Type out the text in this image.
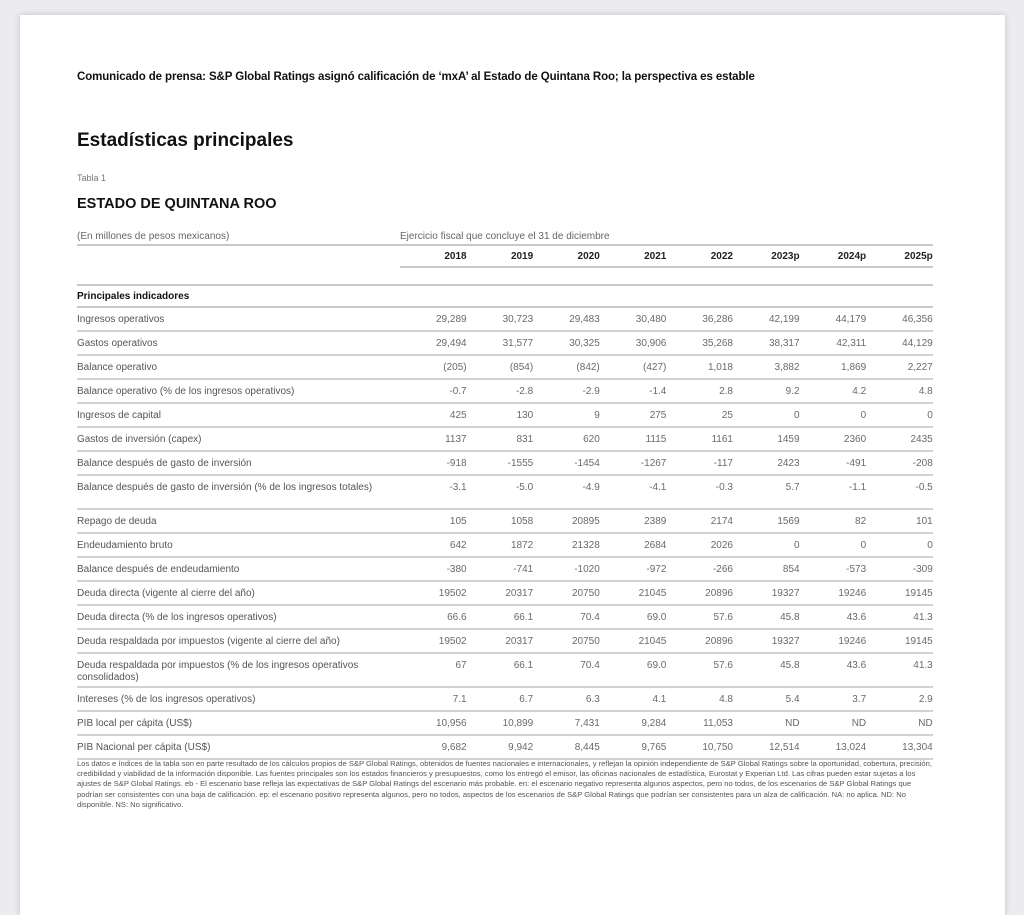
Comunicado de prensa: S&P Global Ratings asignó calificación de ‘mxA’ al Estado de Quintana Roo; la perspectiva es estable
Estadísticas principales
Tabla 1
ESTADO DE QUINTANA ROO
(En millones de pesos mexicanos)	Ejercicio fiscal que concluye el 31 de diciembre
2018	2019	2020	2021	2022	2023p	2024p	2025p
Principales indicadores
Ingresos operativos	29,289	30,723	29,483	30,480	36,286	42,199	44,179	46,356
Gastos operativos	29,494	31,577	30,325	30,906	35,268	38,317	42,311	44,129
Balance operativo	(205)	(854)	(842)	(427)	1,018	3,882	1,869	2,227
Balance operativo (% de los ingresos operativos)	-0.7	-2.8	-2.9	-1.4	2.8	9.2	4.2	4.8
Ingresos de capital	425	130	9	275	25	0	0	0
Gastos de inversión (capex)	1137	831	620	1115	1161	1459	2360	2435
Balance después de gasto de inversión	-918	-1555	-1454	-1267	-117	2423	-491	-208
Balance después de gasto de inversión (% de los ingresos totales)	-3.1	-5.0	-4.9	-4.1	-0.3	5.7	-1.1	-0.5
Repago de deuda	105	1058	20895	2389	2174	1569	82	101
Endeudamiento bruto	642	1872	21328	2684	2026	0	0	0
Balance después de endeudamiento	-380	-741	-1020	-972	-266	854	-573	-309
Deuda directa (vigente al cierre del año)	19502	20317	20750	21045	20896	19327	19246	19145
Deuda directa (% de los ingresos operativos)	66.6	66.1	70.4	69.0	57.6	45.8	43.6	41.3
Deuda respaldada por impuestos (vigente al cierre del año)	19502	20317	20750	21045	20896	19327	19246	19145
Deuda respaldada por impuestos (% de los ingresos operativos consolidados)
67	66.1	70.4	69.0	57.6	45.8	43.6	41.3
Intereses (% de los ingresos operativos)	7.1	6.7	6.3	4.1	4.8	5.4	3.7	2.9
PIB local per cápita (US$)	10,956	10,899	7,431	9,284	11,053	ND	ND	ND
PIB Nacional per cápita (US$)	9,682	9,942	8,445	9,765	10,750	12,514	13,024	13,304
Los datos e índices de la tabla son en parte resultado de los cálculos propios de S&P Global Ratings, obtenidos de fuentes nacionales e internacionales, y reflejan la opinión independiente de S&P Global Ratings sobre la oportunidad, cobertura, precisión, credibilidad y viabilidad de la información disponible. Las fuentes principales son los estados financieros y presupuestos, como los entregó el emisor, las oficinas nacionales de estadística, Eurostat y Experian Ltd. Las cifras pueden estar sujetas a los ajustes de S&P Global Ratings. eb - El escenario base refleja las expectativas de S&P Global Ratings del escenario más probable. en: el escenario negativo representa algunos aspectos, pero no todos, de los escenarios de S&P Global Ratings que podrían ser consistentes con una baja de calificación. ep: el escenario positivo representa algunos, pero no todos, aspectos de los escenarios de S&P Global Ratings que podrían ser consistentes para un alza de calificación. NA: no aplica. ND: No disponible. NS: No significativo.
